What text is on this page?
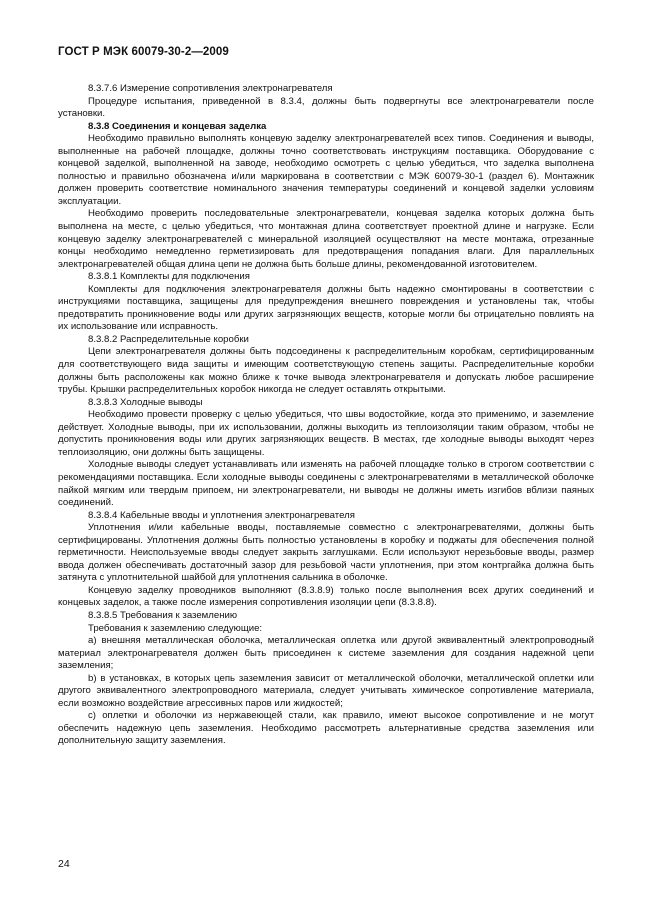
ГОСТ Р МЭК 60079-30-2—2009

8.3.7.6 Измерение сопротивления электронагревателя

Процедуре испытания, приведенной в 8.3.4, должны быть подвергнуты все электронагреватели после установки.

8.3.8 Соединения и концевая заделка

Необходимо правильно выполнять концевую заделку электронагревателей всех типов. Соединения и выводы, выполненные на рабочей площадке, должны точно соответствовать инструкциям поставщика. Оборудование с концевой заделкой, выполненной на заводе, необходимо осмотреть с целью убедиться, что заделка выполнена полностью и правильно обозначена и/или маркирована в соответствии с МЭК 60079-30-1 (раздел 6). Монтажник должен проверить соответствие номинального значения температуры соединений и концевой заделки условиям эксплуатации.

Необходимо проверить последовательные электронагреватели, концевая заделка которых должна быть выполнена на месте, с целью убедиться, что монтажная длина соответствует проектной длине и нагрузке. Если концевую заделку электронагревателей с минеральной изоляцией осуществляют на месте монтажа, отрезанные концы необходимо немедленно герметизировать для предотвращения попадания влаги. Для параллельных электронагревателей общая длина цепи не должна быть больше длины, рекомендованной изготовителем.

8.3.8.1 Комплекты для подключения

Комплекты для подключения электронагревателя должны быть надежно смонтированы в соответствии с инструкциями поставщика, защищены для предупреждения внешнего повреждения и установлены так, чтобы предотвратить проникновение воды или других загрязняющих веществ, которые могли бы отрицательно повлиять на их использование или исправность.

8.3.8.2 Распределительные коробки

Цепи электронагревателя должны быть подсоединены к распределительным коробкам, сертифицированным для соответствующего вида защиты и имеющим соответствующую степень защиты. Распределительные коробки должны быть расположены как можно ближе к точке вывода электронагревателя и допускать любое расширение трубы. Крышки распределительных коробок никогда не следует оставлять открытыми.

8.3.8.3 Холодные выводы

Необходимо провести проверку с целью убедиться, что швы водостойкие, когда это применимо, и заземление действует. Холодные выводы, при их использовании, должны выходить из теплоизоляции таким образом, чтобы не допустить проникновения воды или других загрязняющих веществ. В местах, где холодные выводы выходят через теплоизоляцию, они должны быть защищены.

Холодные выводы следует устанавливать или изменять на рабочей площадке только в строгом соответствии с рекомендациями поставщика. Если холодные выводы соединены с электронагревателями в металлической оболочке пайкой мягким или твердым припоем, ни электронагреватели, ни выводы не должны иметь изгибов вблизи паяных соединений.

8.3.8.4 Кабельные вводы и уплотнения электронагревателя

Уплотнения и/или кабельные вводы, поставляемые совместно с электронагревателями, должны быть сертифицированы. Уплотнения должны быть полностью установлены в коробку и поджаты для обеспечения полной герметичности. Неиспользуемые вводы следует закрыть заглушками. Если используют нерезьбовые вводы, размер ввода должен обеспечивать достаточный зазор для резьбовой части уплотнения, при этом контргайка должна быть затянута с уплотнительной шайбой для уплотнения сальника в оболочке.

Концевую заделку проводников выполняют (8.3.8.9) только после выполнения всех других соединений и концевых заделок, а также после измерения сопротивления изоляции цепи (8.3.8.8).

8.3.8.5 Требования к заземлению

Требования к заземлению следующие:

а) внешняя металлическая оболочка, металлическая оплетка или другой эквивалентный электропроводный материал электронагревателя должен быть присоединен к системе заземления для создания надежной цепи заземления;

b) в установках, в которых цепь заземления зависит от металлической оболочки, металлической оплетки или другого эквивалентного электропроводного материала, следует учитывать химическое сопротивление материала, если возможно воздействие агрессивных паров или жидкостей;

c) оплетки и оболочки из нержавеющей стали, как правило, имеют высокое сопротивление и не могут обеспечить надежную цепь заземления. Необходимо рассмотреть альтернативные средства заземления или дополнительную защиту заземления.

24
